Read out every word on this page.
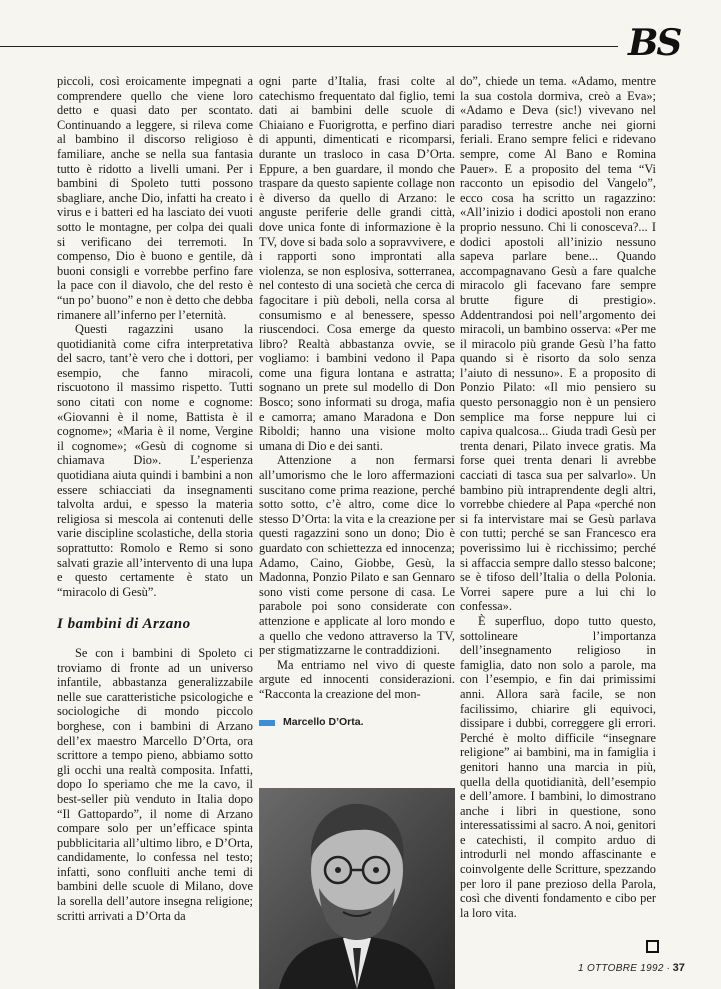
BS

piccoli, così eroicamente impegnati a comprendere quello che viene loro detto e quasi dato per scontato. Continuando a leggere, si rileva come al bambino il discorso religioso è familiare, anche se nella sua fantasia tutto è ridotto a livelli umani. Per i bambini di Spoleto tutti possono sbagliare, anche Dio, infatti ha creato i virus e i batteri ed ha lasciato dei vuoti sotto le montagne, per colpa dei quali si verificano dei terremoti. In compenso, Dio è buono e gentile, dà buoni consigli e vorrebbe perfino fare la pace con il diavolo, che del resto è “un po’ buono” e non è detto che debba rimanere all’inferno per l’eternità.

Questi ragazzini usano la quotidianità come cifra interpretativa del sacro, tant’è vero che i dottori, per esempio, che fanno miracoli, riscuotono il massimo rispetto. Tutti sono citati con nome e cognome: «Giovanni è il nome, Battista è il cognome»; «Maria è il nome, Vergine il cognome»; «Gesù di cognome si chiamava Dio». L’esperienza quotidiana aiuta quindi i bambini a non essere schiacciati da insegnamenti talvolta ardui, e spesso la materia religiosa si mescola ai contenuti delle varie discipline scolastiche, della storia soprattutto: Romolo e Remo si sono salvati grazie all’intervento di una lupa e questo certamente è stato un “miracolo di Gesù”.

I bambini di Arzano

Se con i bambini di Spoleto ci troviamo di fronte ad un universo infantile, abbastanza generalizzabile nelle sue caratteristiche psicologiche e sociologiche di mondo piccolo borghese, con i bambini di Arzano dell’ex maestro Marcello D’Orta, ora scrittore a tempo pieno, abbiamo sotto gli occhi una realtà composita. Infatti, dopo Io speriamo che me la cavo, il best-seller più venduto in Italia dopo “Il Gattopardo”, il nome di Arzano compare solo per un’efficace spinta pubblicitaria all’ultimo libro, e D’Orta, candidamente, lo confessa nel testo; infatti, sono confluiti anche temi di bambini delle scuole di Milano, dove la sorella dell’autore insegna religione; scritti arrivati a D’Orta da

ogni parte d’Italia, frasi colte al catechismo frequentato dal figlio, temi dati ai bambini delle scuole di Chiaiano e Fuorigrotta, e perfino diari di appunti, dimenticati e ricomparsi, durante un trasloco in casa D’Orta. Eppure, a ben guardare, il mondo che traspare da questo sapiente collage non è diverso da quello di Arzano: le anguste periferie delle grandi città, dove unica fonte di informazione è la TV, dove si bada solo a sopravvivere, e i rapporti sono improntati alla violenza, se non esplosiva, sotterranea, nel contesto di una società che cerca di fagocitare i più deboli, nella corsa al consumismo e al benessere, spesso riuscendoci. Cosa emerge da questo libro? Realtà abbastanza ovvie, se vogliamo: i bambini vedono il Papa come una figura lontana e astratta; sognano un prete sul modello di Don Bosco; sono informati su droga, mafia e camorra; amano Maradona e Don Riboldi; hanno una visione molto umana di Dio e dei santi.

Attenzione a non fermarsi all’umorismo che le loro affermazioni suscitano come prima reazione, perché sotto sotto, c’è altro, come dice lo stesso D’Orta: la vita e la creazione per questi ragazzini sono un dono; Dio è guardato con schiettezza ed innocenza; Adamo, Caino, Giobbe, Gesù, la Madonna, Ponzio Pilato e san Gennaro sono visti come persone di casa. Le parabole poi sono considerate con attenzione e applicate al loro mondo e a quello che vedono attraverso la TV, per stigmatizzarne le contraddizioni.

Ma entriamo nel vivo di queste argute ed innocenti considerazioni. “Racconta la creazione del mon-

Marcello D’Orta.

do”, chiede un tema. «Adamo, mentre la sua costola dormiva, creò a Eva»; «Adamo e Deva (sic!) vivevano nel paradiso terrestre anche nei giorni feriali. Erano sempre felici e ridevano sempre, come Al Bano e Romina Pauer». E a proposito del tema “Vi racconto un episodio del Vangelo”, ecco cosa ha scritto un ragazzino: «All’inizio i dodici apostoli non erano proprio nessuno. Chi li conosceva?... I dodici apostoli all’inizio nessuno sapeva parlare bene... Quando accompagnavano Gesù a fare qualche miracolo gli facevano fare sempre brutte figure di prestigio». Addentrandosi poi nell’argomento dei miracoli, un bambino osserva: «Per me il miracolo più grande Gesù l’ha fatto quando si è risorto da solo senza l’aiuto di nessuno». E a proposito di Ponzio Pilato: «Il mio pensiero su questo personaggio non è un pensiero semplice ma forse neppure lui ci capiva qualcosa... Giuda tradì Gesù per trenta denari, Pilato invece gratis. Ma forse quei trenta denari li avrebbe cacciati di tasca sua per salvarlo». Un bambino più intraprendente degli altri, vorrebbe chiedere al Papa «perché non si fa intervistare mai se Gesù parlava con tutti; perché se san Francesco era poverissimo lui è ricchissimo; perché si affaccia sempre dallo stesso balcone; se è tifoso dell’Italia o della Polonia. Vorrei sapere pure a lui chi lo confessa».

È superfluo, dopo tutto questo, sottolineare l’importanza dell’insegnamento religioso in famiglia, dato non solo a parole, ma con l’esempio, e fin dai primissimi anni. Allora sarà facile, se non facilissimo, chiarire gli equivoci, dissipare i dubbi, correggere gli errori. Perché è molto difficile “insegnare religione” ai bambini, ma in famiglia i genitori hanno una marcia in più, quella della quotidianità, dell’esempio e dell’amore. I bambini, lo dimostrano anche i libri in questione, sono interessatissimi al sacro. A noi, genitori e catechisti, il compito arduo di introdurli nel mondo affascinante e coinvolgente delle Scritture, spezzando per loro il pane prezioso della Parola, così che diventi fondamento e cibo per la loro vita.

1 OTTOBRE 1992 · 37
